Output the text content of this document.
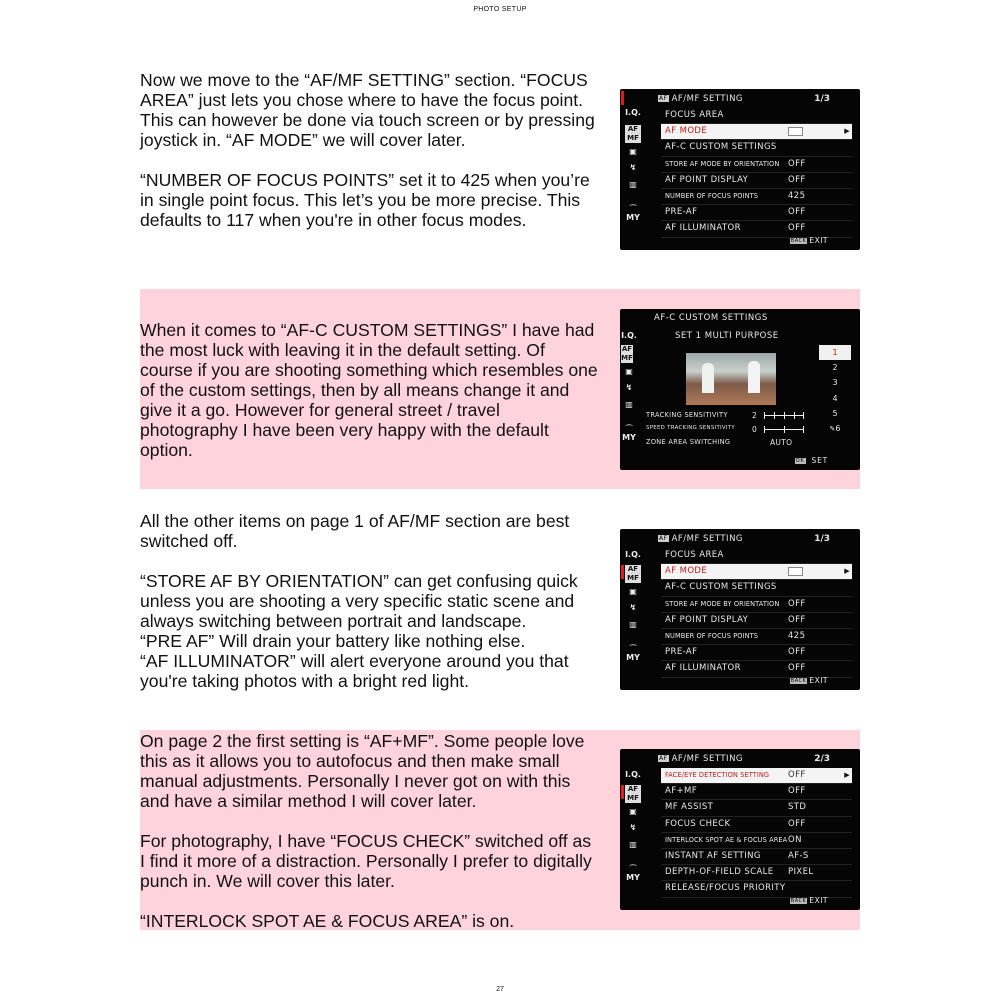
PHOTO SETUP

Now we move to the “AF/MF SETTING” section. “FOCUS AREA” just lets you chose where to have the focus point. This can however be done via touch screen or by pressing joystick in. “AF MODE” we will cover later.

“NUMBER OF FOCUS POINTS” set it to 425 when you’re in single point focus. This let’s you be more precise. This defaults to 117 when you're in other focus modes.

When it comes to “AF-C CUSTOM SETTINGS” I have had the most luck with leaving it in the default setting. Of course if you are shooting something which resembles one of the custom settings, then by all means change it and give it a go. However for general street / travel photography I have been very happy with the default option.

All the other items on page 1 of AF/MF section are best switched off.

“STORE AF BY ORIENTATION” can get confusing quick unless you are shooting a very specific static scene and always switching between portrait and landscape.

“PRE AF” Will drain your battery like nothing else.

“AF ILLUMINATOR” will alert everyone around you that you're taking photos with a bright red light.

On page 2 the first setting is “AF+MF”. Some people love this as it allows you to autofocus and then make small manual adjustments. Personally I never got on with this and have a similar method I will cover later.

For photography, I have “FOCUS CHECK” switched off as I find it more of a distraction. Personally I prefer to digitally punch in. We will cover this later.

“INTERLOCK SPOT AE & FOCUS AREA” is on.

I.Q.
AF MF
▣
↯
▥
⁔
MY
AF AF/MF SETTING	1/3
FOCUS AREA
AF MODE	▶
AF-C CUSTOM SETTINGS
STORE AF MODE BY ORIENTATION OFF
AF POINT DISPLAY	OFF
NUMBER OF FOCUS POINTS	425
PRE-AF	OFF
AF ILLUMINATOR	OFF
BACK EXIT
I.Q.
AF MF
▣
↯
▥
⁔
MY
AF-C CUSTOM SETTINGS
SET 1 MULTI PURPOSE
1
2
3
4
5
✎6
TRACKING SENSITIVITY	2
SPEED TRACKING SENSITIVITY 0
ZONE AREA SWITCHING	AUTO
OK SET
I.Q.
AF MF
▣
↯
▥
⁔
MY
AF AF/MF SETTING	1/3
FOCUS AREA
AF MODE	▶
AF-C CUSTOM SETTINGS
STORE AF MODE BY ORIENTATION OFF
AF POINT DISPLAY	OFF
NUMBER OF FOCUS POINTS	425
PRE-AF	OFF
AF ILLUMINATOR	OFF
BACK EXIT
I.Q.
AF MF
▣
↯
▥
⁔
MY
AF AF/MF SETTING	2/3
FACE/EYE DETECTION SETTING OFF	▶
AF+MF	OFF
MF ASSIST	STD
FOCUS CHECK	OFF
INTERLOCK SPOT AE & FOCUS AREA ON
INSTANT AF SETTING	AF-S
DEPTH-OF-FIELD SCALE PIXEL
RELEASE/FOCUS PRIORITY
BACK EXIT
27
